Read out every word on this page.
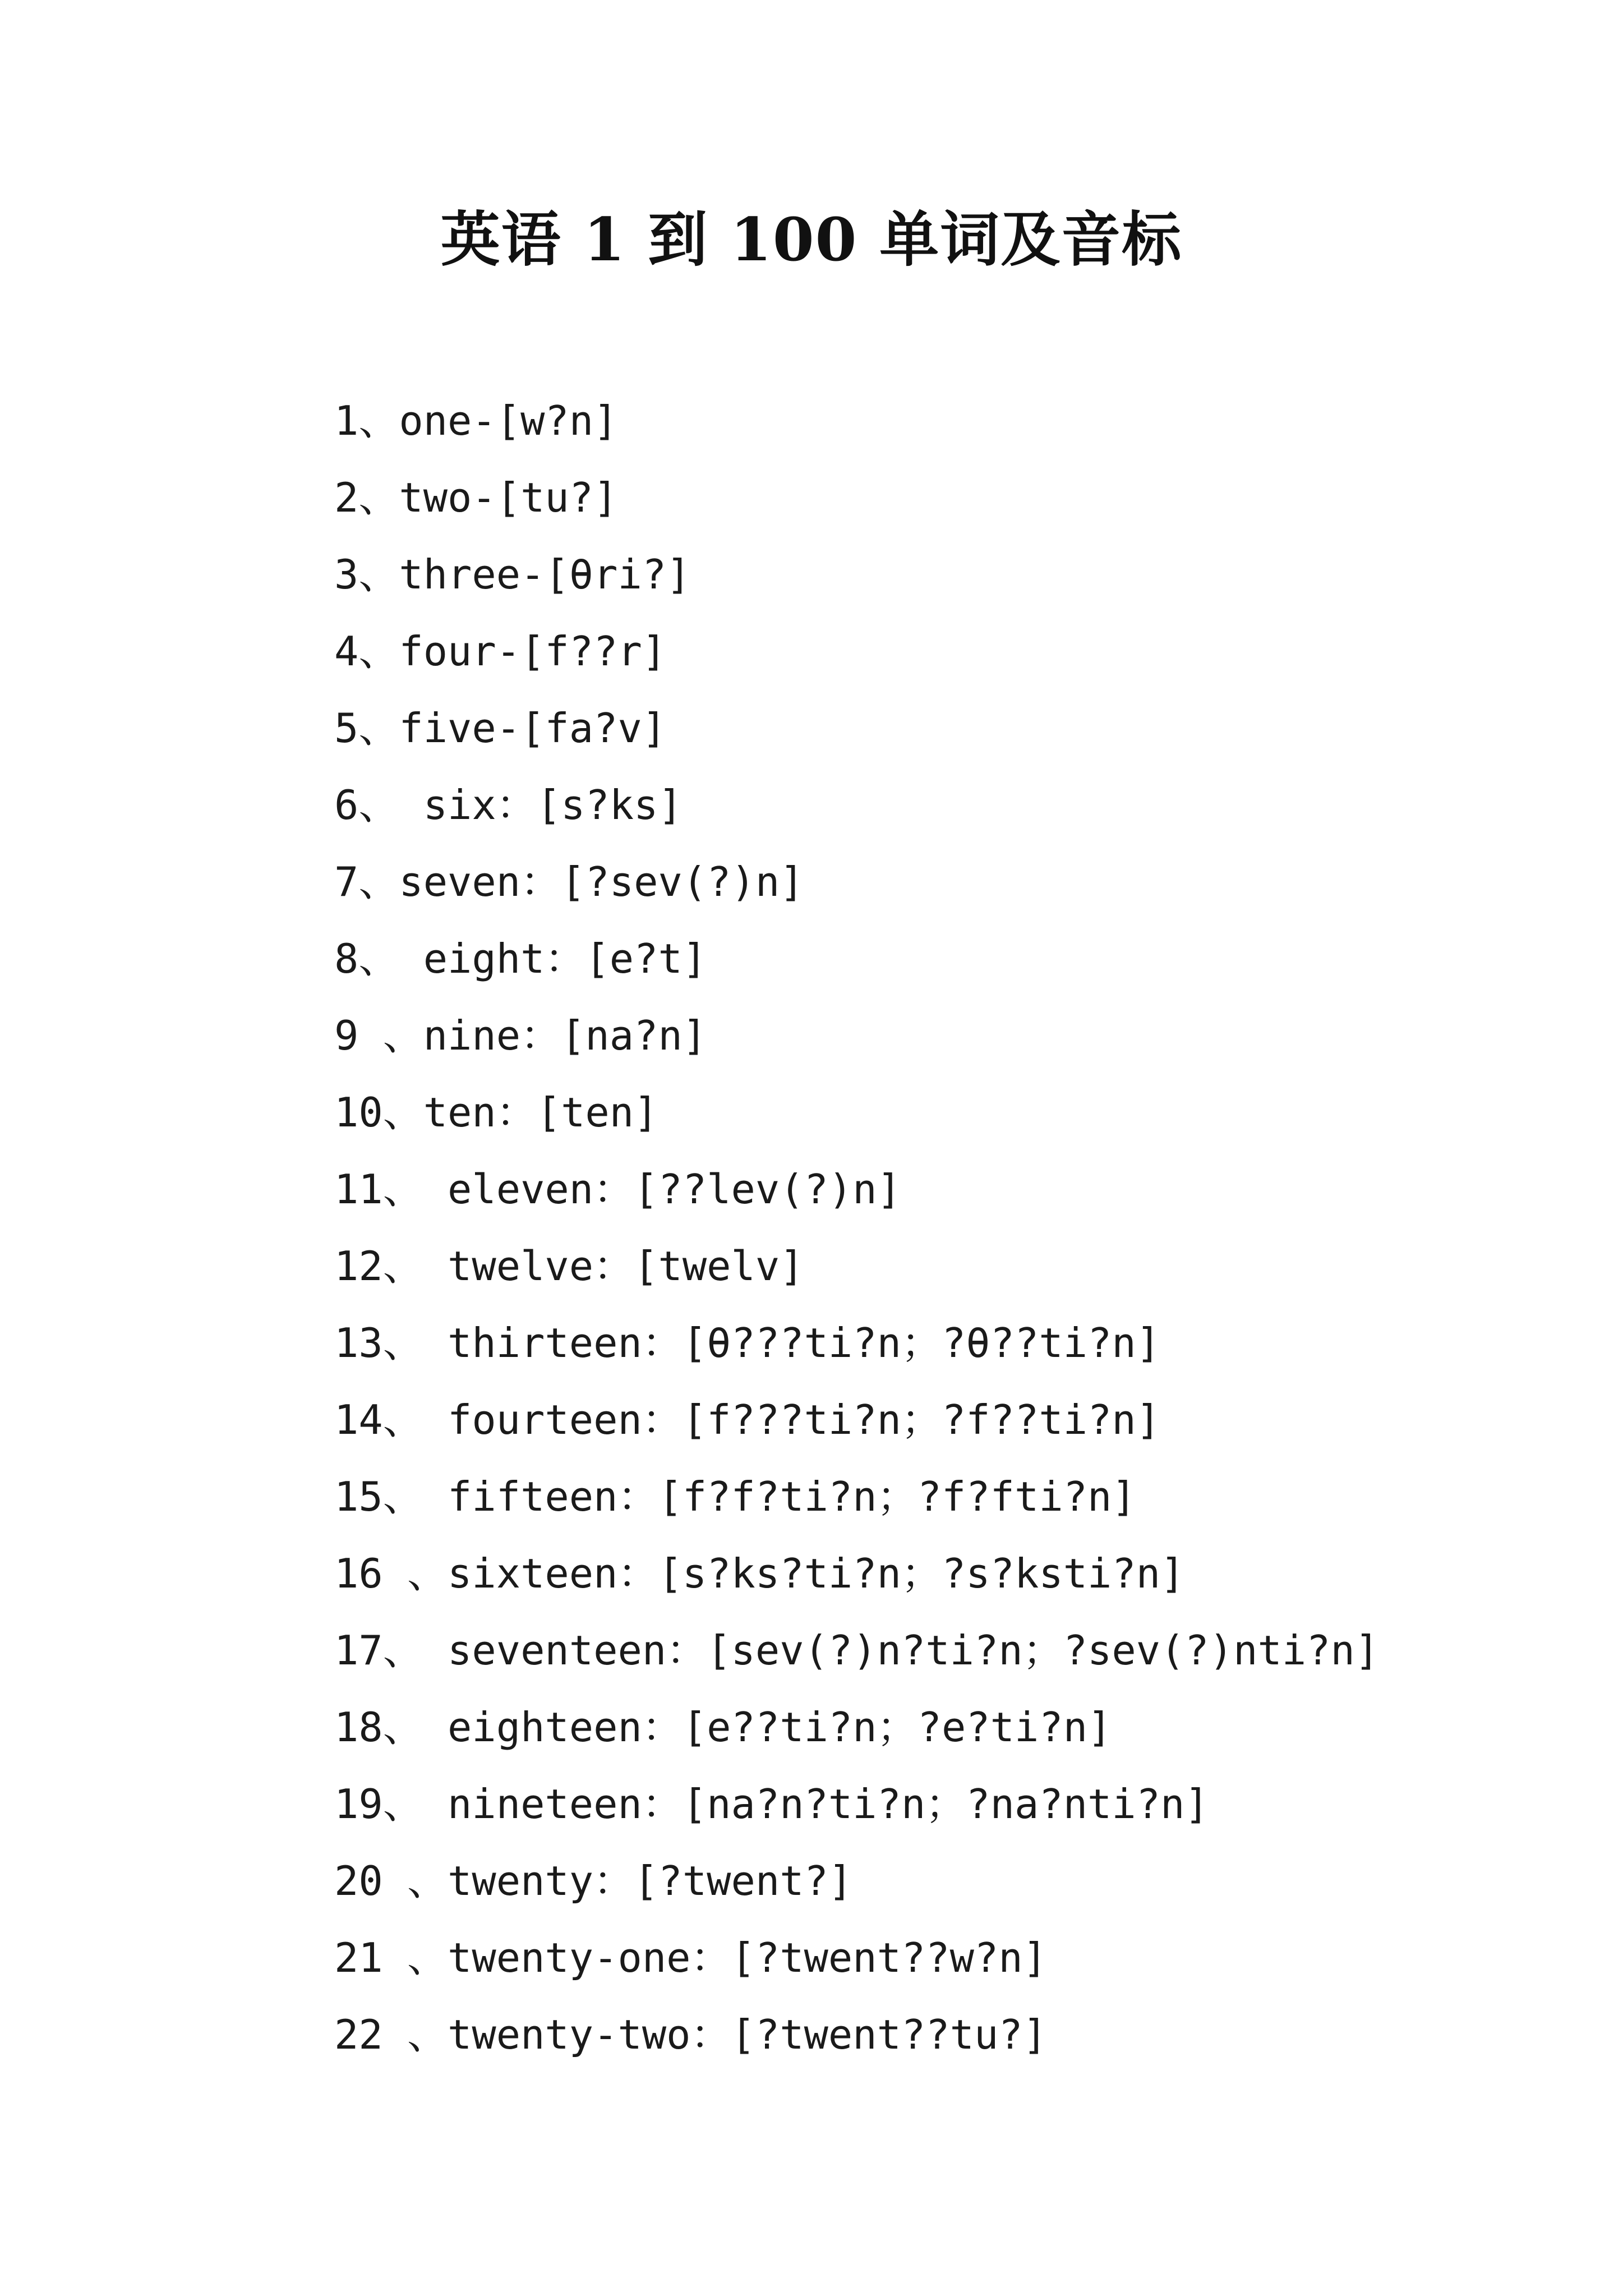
英语 1 到 100 单词及音标
1、one-[w?n]
2、two-[tu?]
3、three-[θri?]
4、four-[f??r]
5、five-[fa?v]
6、 six：[s?ks]
7、seven：[?sev(?)n]
8、 eight：[e?t]
9 、nine：[na?n]
10、ten：[ten]
11、 eleven：[??lev(?)n]
12、 twelve：[twelv]
13、 thirteen：[θ???ti?n；?θ??ti?n]
14、 fourteen：[f???ti?n；?f??ti?n]
15、 fifteen：[f?f?ti?n；?f?fti?n]
16 、sixteen：[s?ks?ti?n；?s?ksti?n]
17、 seventeen：[sev(?)n?ti?n；?sev(?)nti?n]
18、 eighteen：[e??ti?n；?e?ti?n]
19、 nineteen：[na?n?ti?n；?na?nti?n]
20 、twenty：[?twent?]
21 、twenty-one：[?twent??w?n]
22 、twenty-two：[?twent??tu?]
